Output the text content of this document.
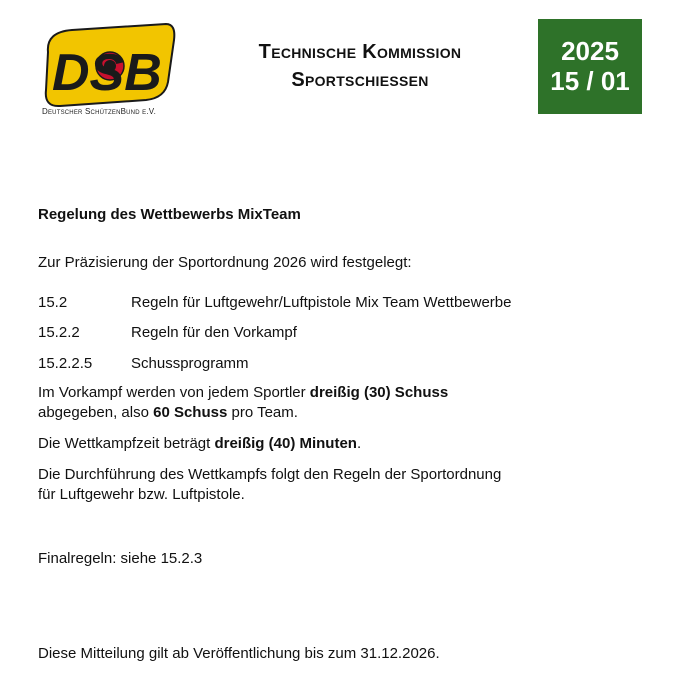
DSB
Deutscher SchützenBund e.V.
Technische Kommission
Sportschiessen
2025
15 / 01

Regelung des Wettbewerbs MixTeam

Zur Präzisierung der Sportordnung 2026 wird festgelegt:

15.2	Regeln für Luftgewehr/Luftpistole Mix Team Wettbewerbe
15.2.2	Regeln für den Vorkampf
15.2.2.5	Schussprogramm

Im Vorkampf werden von jedem Sportler dreißig (30) Schuss
abgegeben, also 60 Schuss pro Team.

Die Wettkampfzeit beträgt dreißig (40) Minuten.

Die Durchführung des Wettkampfs folgt den Regeln der Sportordnung
für Luftgewehr bzw. Luftpistole.

Finalregeln: siehe 15.2.3

Diese Mitteilung gilt ab Veröffentlichung bis zum 31.12.2026.
